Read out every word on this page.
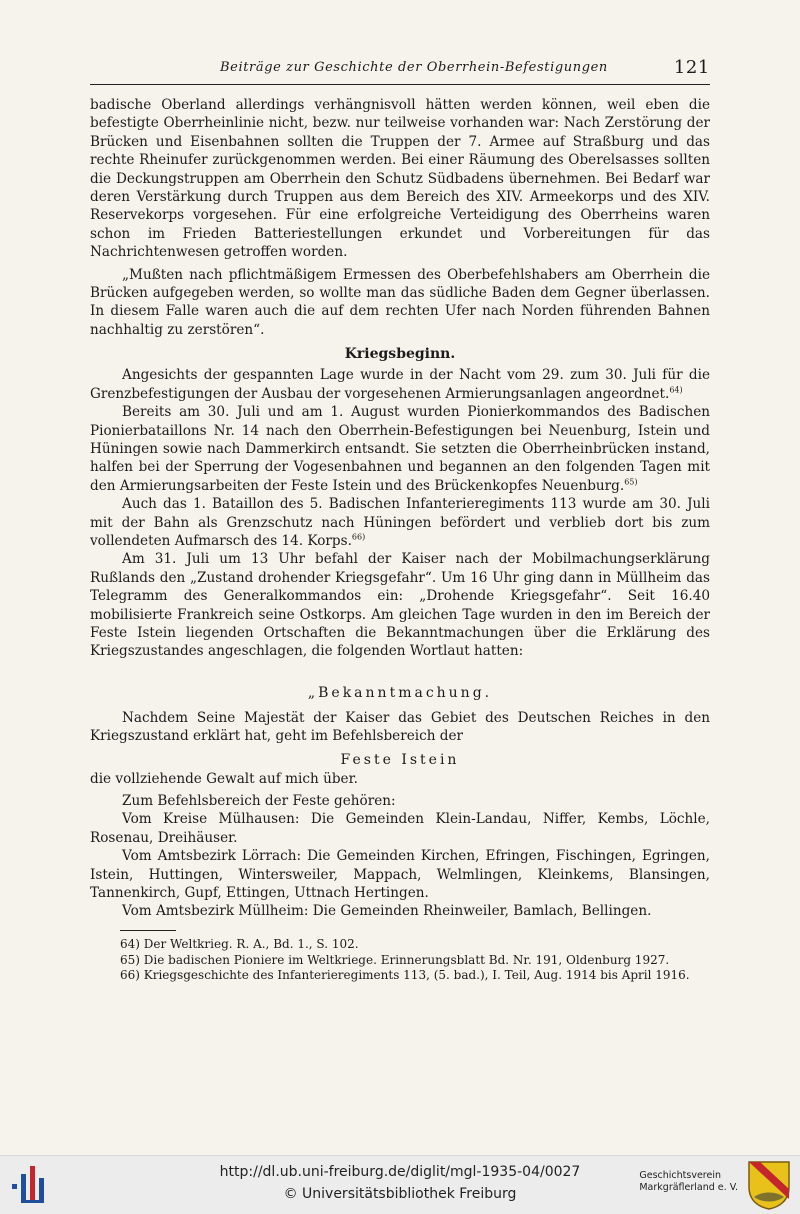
Beiträge zur Geschichte der Oberrhein-Befestigungen	121

badische Oberland allerdings verhängnisvoll hätten werden können, weil eben die befestigte Oberrheinlinie nicht, bezw. nur teilweise vorhanden war: Nach Zerstörung der Brücken und Eisenbahnen sollten die Truppen der 7. Armee auf Straßburg und das rechte Rheinufer zurückgenommen werden. Bei einer Räumung des Oberelsasses sollten die Deckungstruppen am Oberrhein den Schutz Südbadens übernehmen. Bei Bedarf war deren Verstärkung durch Truppen aus dem Bereich des XIV. Armeekorps und des XIV. Reservekorps vorgesehen. Für eine erfolgreiche Verteidigung des Oberrheins waren schon im Frieden Batteriestellungen erkundet und Vorbereitungen für das Nachrichtenwesen getroffen worden.

„Mußten nach pflichtmäßigem Ermessen des Oberbefehlshabers am Oberrhein die Brücken aufgegeben werden, so wollte man das südliche Baden dem Gegner überlassen. In diesem Falle waren auch die auf dem rechten Ufer nach Norden führenden Bahnen nachhaltig zu zerstören“.

Kriegsbeginn.

Angesichts der gespannten Lage wurde in der Nacht vom 29. zum 30. Juli für die Grenzbefestigungen der Ausbau der vorgesehenen Armierungsanlagen angeordnet.$^{64)}$

Bereits am 30. Juli und am 1. August wurden Pionierkommandos des Badischen Pionierbataillons Nr. 14 nach den Oberrhein-Befestigungen bei Neuenburg, Istein und Hüningen sowie nach Dammerkirch entsandt. Sie setzten die Oberrheinbrücken instand, halfen bei der Sperrung der Vogesenbahnen und begannen an den folgenden Tagen mit den Armierungsarbeiten der Feste Istein und des Brückenkopfes Neuenburg.$^{65)}$

Auch das 1. Bataillon des 5. Badischen Infanterieregiments 113 wurde am 30. Juli mit der Bahn als Grenzschutz nach Hüningen befördert und verblieb dort bis zum vollendeten Aufmarsch des 14. Korps.$^{66)}$

Am 31. Juli um 13 Uhr befahl der Kaiser nach der Mobilmachungserklärung Rußlands den „Zustand drohender Kriegsgefahr“. Um 16 Uhr ging dann in Müllheim das Telegramm des Generalkommandos ein: „Drohende Kriegsgefahr“. Seit 16.40 mobilisierte Frankreich seine Ostkorps. Am gleichen Tage wurden in den im Bereich der Feste Istein liegenden Ortschaften die Bekanntmachungen über die Erklärung des Kriegszustandes angeschlagen, die folgenden Wortlaut hatten:

„Bekanntmachung.

Nachdem Seine Majestät der Kaiser das Gebiet des Deutschen Reiches in den Kriegszustand erklärt hat, geht im Befehlsbereich der

Feste Istein

die vollziehende Gewalt auf mich über.

Zum Befehlsbereich der Feste gehören:

Vom Kreise Mülhausen: Die Gemeinden Klein-Landau, Niffer, Kembs, Löchle, Rosenau, Dreihäuser.

Vom Amtsbezirk Lörrach: Die Gemeinden Kirchen, Efringen, Fischingen, Egringen, Istein, Huttingen, Wintersweiler, Mappach, Welmlingen, Kleinkems, Blansingen, Tannenkirch, Gupf, Ettingen, Uttnach Hertingen.

Vom Amtsbezirk Müllheim: Die Gemeinden Rheinweiler, Bamlach, Bellingen.

64) Der Weltkrieg. R. A., Bd. 1., S. 102.

65) Die badischen Pioniere im Weltkriege. Erinnerungsblatt Bd. Nr. 191, Oldenburg 1927.

66) Kriegsgeschichte des Infanterieregiments 113, (5. bad.), I. Teil, Aug. 1914 bis April 1916.

http://dl.ub.uni-freiburg.de/diglit/mgl-1935-04/0027
© Universitätsbibliothek Freiburg
Geschichtsverein
Markgräflerland e. V.
